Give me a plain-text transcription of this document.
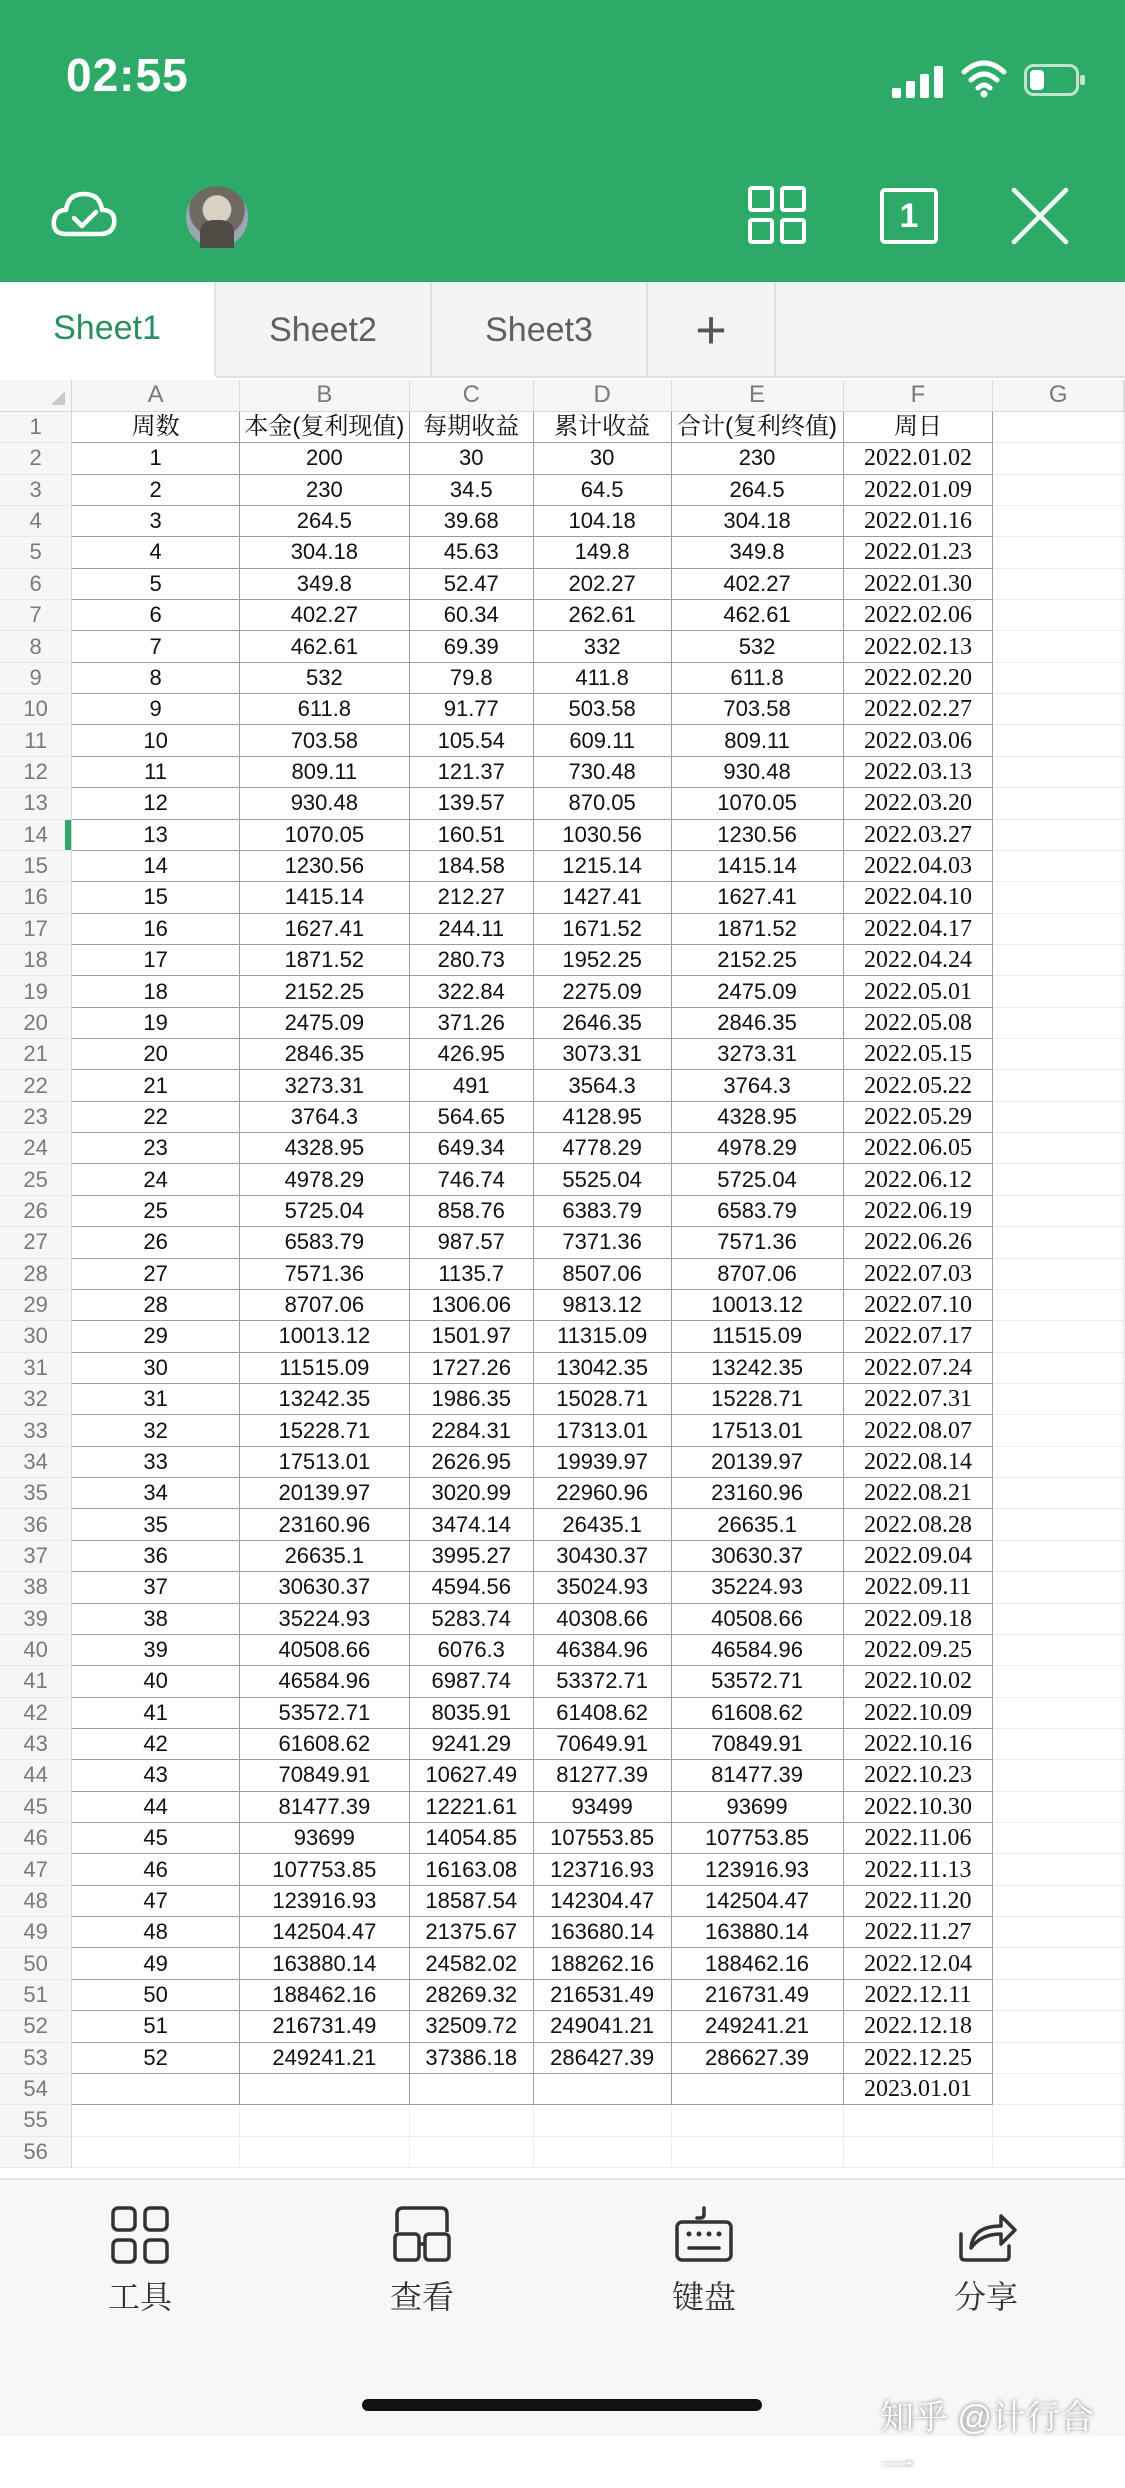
02:55
1
Sheet1	Sheet2	Sheet3	+
	A	B	C	D	E	F	G	
1	周数	本金(复利现值)	每期收益	累计收益	合计(复利终值)	周日		
2	1	200	30	30	230	2022.01.02		
3	2	230	34.5	64.5	264.5	2022.01.09		
4	3	264.5	39.68	104.18	304.18	2022.01.16		
5	4	304.18	45.63	149.8	349.8	2022.01.23		
6	5	349.8	52.47	202.27	402.27	2022.01.30		
7	6	402.27	60.34	262.61	462.61	2022.02.06		
8	7	462.61	69.39	332	532	2022.02.13		
9	8	532	79.8	411.8	611.8	2022.02.20		
10	9	611.8	91.77	503.58	703.58	2022.02.27		
11	10	703.58	105.54	609.11	809.11	2022.03.06		
12	11	809.11	121.37	730.48	930.48	2022.03.13		
13	12	930.48	139.57	870.05	1070.05	2022.03.20		
14	13	1070.05	160.51	1030.56	1230.56	2022.03.27		
15	14	1230.56	184.58	1215.14	1415.14	2022.04.03		
16	15	1415.14	212.27	1427.41	1627.41	2022.04.10		
17	16	1627.41	244.11	1671.52	1871.52	2022.04.17		
18	17	1871.52	280.73	1952.25	2152.25	2022.04.24		
19	18	2152.25	322.84	2275.09	2475.09	2022.05.01		
20	19	2475.09	371.26	2646.35	2846.35	2022.05.08		
21	20	2846.35	426.95	3073.31	3273.31	2022.05.15		
22	21	3273.31	491	3564.3	3764.3	2022.05.22		
23	22	3764.3	564.65	4128.95	4328.95	2022.05.29		
24	23	4328.95	649.34	4778.29	4978.29	2022.06.05		
25	24	4978.29	746.74	5525.04	5725.04	2022.06.12		
26	25	5725.04	858.76	6383.79	6583.79	2022.06.19		
27	26	6583.79	987.57	7371.36	7571.36	2022.06.26		
28	27	7571.36	1135.7	8507.06	8707.06	2022.07.03		
29	28	8707.06	1306.06	9813.12	10013.12	2022.07.10		
30	29	10013.12	1501.97	11315.09	11515.09	2022.07.17		
31	30	11515.09	1727.26	13042.35	13242.35	2022.07.24		
32	31	13242.35	1986.35	15028.71	15228.71	2022.07.31		
33	32	15228.71	2284.31	17313.01	17513.01	2022.08.07		
34	33	17513.01	2626.95	19939.97	20139.97	2022.08.14		
35	34	20139.97	3020.99	22960.96	23160.96	2022.08.21		
36	35	23160.96	3474.14	26435.1	26635.1	2022.08.28		
37	36	26635.1	3995.27	30430.37	30630.37	2022.09.04		
38	37	30630.37	4594.56	35024.93	35224.93	2022.09.11		
39	38	35224.93	5283.74	40308.66	40508.66	2022.09.18		
40	39	40508.66	6076.3	46384.96	46584.96	2022.09.25		
41	40	46584.96	6987.74	53372.71	53572.71	2022.10.02		
42	41	53572.71	8035.91	61408.62	61608.62	2022.10.09		
43	42	61608.62	9241.29	70649.91	70849.91	2022.10.16		
44	43	70849.91	10627.49	81277.39	81477.39	2022.10.23		
45	44	81477.39	12221.61	93499	93699	2022.10.30		
46	45	93699	14054.85	107553.85	107753.85	2022.11.06		
47	46	107753.85	16163.08	123716.93	123916.93	2022.11.13		
48	47	123916.93	18587.54	142304.47	142504.47	2022.11.20		
49	48	142504.47	21375.67	163680.14	163880.14	2022.11.27		
50	49	163880.14	24582.02	188262.16	188462.16	2022.12.04		
51	50	188462.16	28269.32	216531.49	216731.49	2022.12.11		
52	51	216731.49	32509.72	249041.21	249241.21	2022.12.18		
53	52	249241.21	37386.18	286427.39	286627.39	2022.12.25		
54						2023.01.01		
55								
56								
工具	查看	键盘	分享
知乎 @计行合一
